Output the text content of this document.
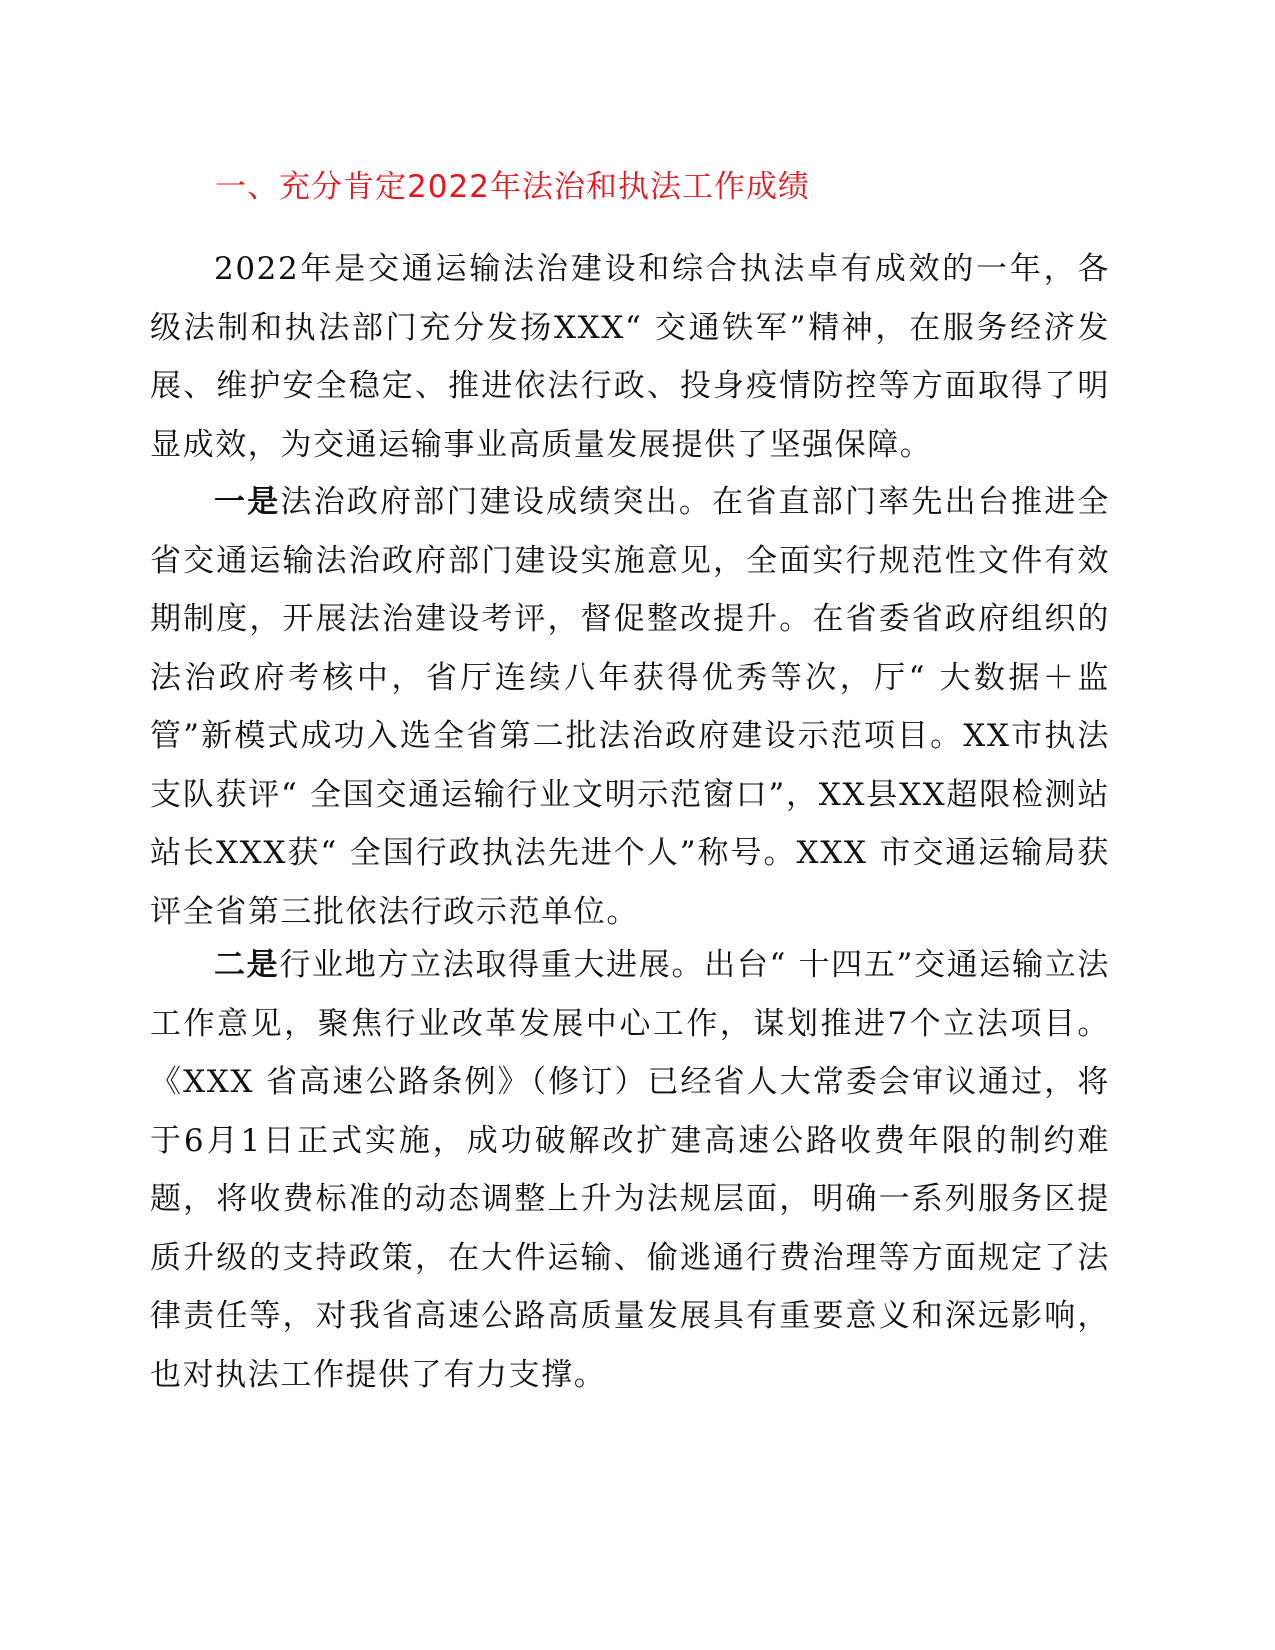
一、充分肯定2022年法治和执法工作成绩
2022年是交通运输法治建设和综合执法卓有成效的一年，各级法制和执法部门充分发扬XXX“ 交通铁军”精神，在服务经济发展、维护安全稳定、推进依法行政、投身疫情防控等方面取得了明显成效，为交通运输事业高质量发展提供了坚强保障。
一是法治政府部门建设成绩突出。在省直部门率先出台推进全省交通运输法治政府部门建设实施意见，全面实行规范性文件有效期制度，开展法治建设考评，督促整改提升。在省委省政府组织的法治政府考核中，省厅连续八年获得优秀等次，厅“ 大数据＋监管”新模式成功入选全省第二批法治政府建设示范项目。XX市执法支队获评“ 全国交通运输行业文明示范窗口”，XX县XX超限检测站站长XXX获“ 全国行政执法先进个人”称号。XXX 市交通运输局获评全省第三批依法行政示范单位。
二是行业地方立法取得重大进展。出台“ 十四五”交通运输立法工作意见，聚焦行业改革发展中心工作，谋划推进7个立法项目。《XXX 省高速公路条例》（修订）已经省人大常委会审议通过，将于6月1日正式实施，成功破解改扩建高速公路收费年限的制约难题，将收费标准的动态调整上升为法规层面，明确一系列服务区提质升级的支持政策，在大件运输、偷逃通行费治理等方面规定了法律责任等，对我省高速公路高质量发展具有重要意义和深远影响，也对执法工作提供了有力支撑。
